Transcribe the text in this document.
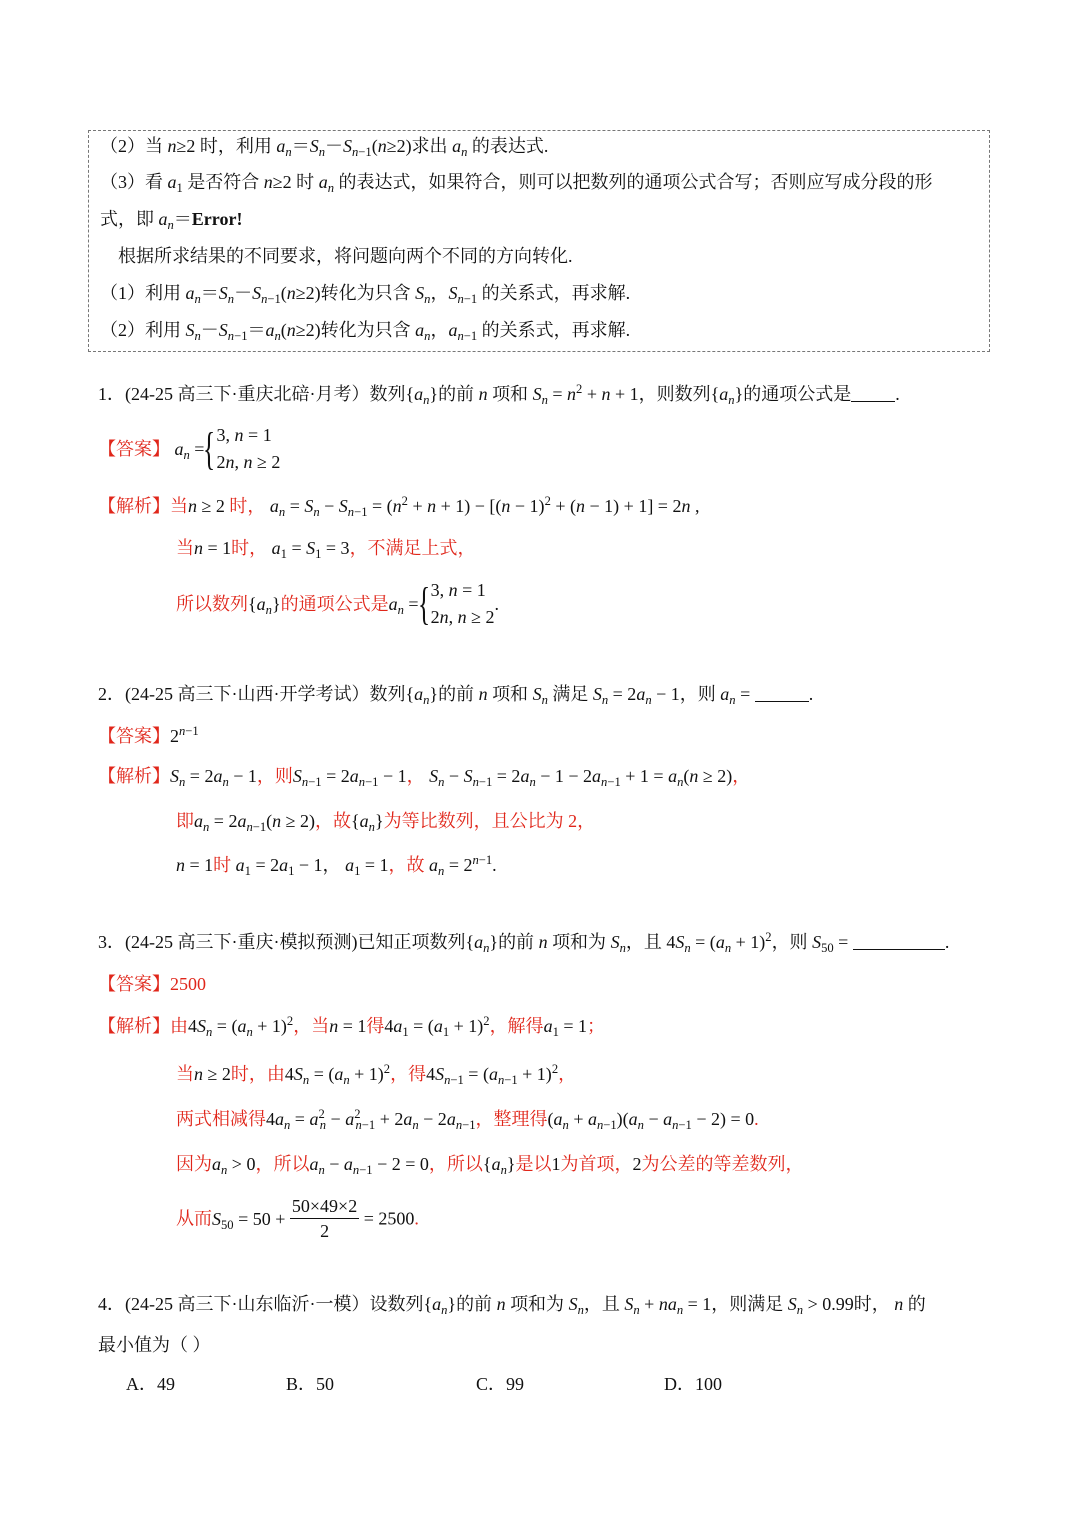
（2）当 n≥2 时，利用 $a_n=S_n-S_{n-1}(n\ge 2)$求出 $a_n$ 的表达式.
（3）看 $a_1$ 是否符合 n≥2 时 $a_n$ 的表达式，如果符合，则可以把数列的通项公式合写；否则应写成分段的形
式，即 $a_n=Error$!
根据所求结果的不同要求，将问题向两个不同的方向转化.
（1）利用 $a_n=S_n-S_{n-1}(n\ge 2)$转化为只含 $S_n$，$S_{n-1}$ 的关系式，再求解.
（2）利用 $S_n-S_{n-1}=a_n(n\ge 2)$转化为只含 $a_n$，$a_{n-1}$ 的关系式，再求解.
1．(24-25 高三下·重庆北碚·月考）数列$\{a_n\}$的前 n 项和 $S_n = n^2 + n + 1$，则数列$\{a_n\}$的通项公式是 .
【答案】 $a_n$ ={ 3, n = 1
2n, n ≥ 2
【解析】当n ≥ 2 时， $a_n = S_n - S_{n-1} = (n^2 + n + 1) - [(n - 1)^2 + (n - 1) + 1] = 2n$ ,
当n = 1时， $a_1 = S_1 = 3$，不满足上式，
所以数列$\{a_n\}$的通项公式是$a_n$ ={ 3, n = 1
2n, n ≥ 2
.
2．(24-25 高三下·山西·开学考试）数列$\{a_n\}$的前 n 项和 $S_n$ 满足 $S_n = 2a_n - 1$，则 $a_n$ =	.
【答案】$2^{n-1}$
【解析】$S_n = 2a_n - 1$，则$S_{n-1} = 2a_{n-1} - 1$， $S_n - S_{n-1} = 2a_n - 1 - 2a_{n-1} + 1 = a_n(n \ge 2)$，
即$a_n = 2a_{n-1}(n \ge 2)$，故$\{a_n\}$为等比数列，且公比为 2，
n = 1时 $a_1 = 2a_1 - 1$， $a_1 = 1$，故 $a_n = 2^{n-1}$.
3．(24-25 高三下·重庆·模拟预测)已知正项数列$\{a_n\}$的前 n 项和为 $S_n$，且 $4S_n = (a_n + 1)^2$，则 $S_{50}$ =	.
【答案】2500
【解析】由$4S_n = (a_n + 1)^2$，当n = 1得$4a_1 = (a_1 + 1)^2$，解得$a_1 = 1$；
当n ≥ 2时，由$4S_n = (a_n + 1)^2$，得$4S_{n-1} = (a_{n-1} + 1)^2$，
两式相减得$4a_n = a^2_n - a^2_{n-1} + 2a_n - 2a_{n-1}$，整理得$(a_n + a_{n-1})(a_n - a_{n-1} - 2) = 0$.
因为$a_n > 0$，所以$a_n - a_{n-1} - 2 = 0$，所以$\{a_n\}$是以1为首项，2为公差的等差数列，
从而$S_{50} = 50 + \frac{50\times 49\times 2}{2} = 2500$.
4．(24-25 高三下·山东临沂·一模）设数列$\{a_n\}$的前 n 项和为 $S_n$，且 $S_n + na_n = 1$，则满足 $S_n > 0.99$时， n 的
最小值为（ ）
A．49	B．50	C．99	D．100
